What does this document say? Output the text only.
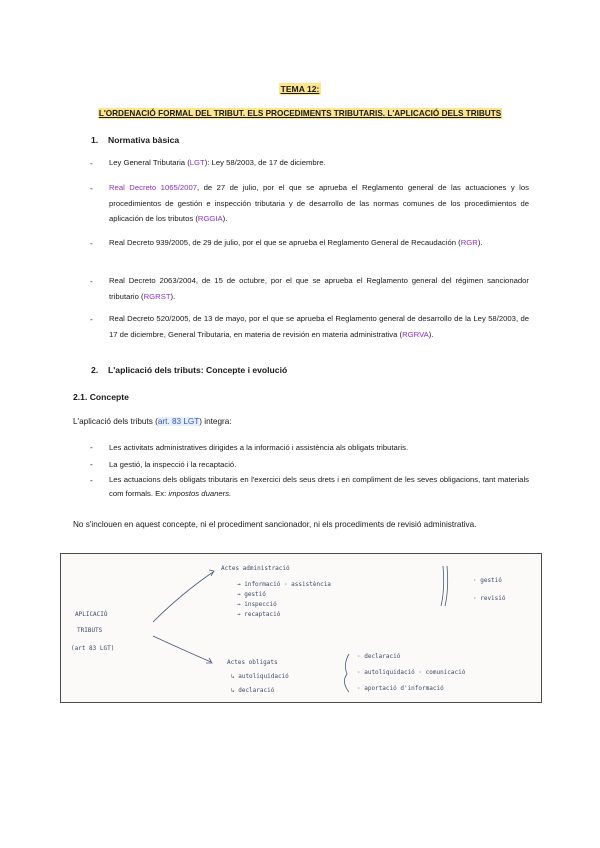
TEMA 12:
L'ORDENACIÓ FORMAL DEL TRIBUT. ELS PROCEDIMENTS TRIBUTARIS. L'APLICACIÓ DELS TRIBUTS
1. Normativa bàsica
- Ley General Tributaria (LGT): Ley 58/2003, de 17 de diciembre.
- Real Decreto 1065/2007, de 27 de julio, por el que se aprueba el Reglamento general de las actuaciones y los procedimientos de gestión e inspección tributaria y de desarrollo de las normas comunes de los procedimientos de aplicación de los tributos (RGGIA).
- Real Decreto 939/2005, de 29 de julio, por el que se aprueba el Reglamento General de Recaudación (RGR).
- Real Decreto 2063/2004, de 15 de octubre, por el que se aprueba el Reglamento general del régimen sancionador tributario (RGRST).
- Real Decreto 520/2005, de 13 de mayo, por el que se aprueba el Reglamento general de desarrollo de la Ley 58/2003, de 17 de diciembre, General Tributaria, en materia de revisión en materia administrativa (RGRVA).
2. L'aplicació dels tributs: Concepte i evolució
2.1. Concepte
L'aplicació dels tributs (art. 83 LGT) integra:
- Les activitats administratives dirigides a la informació i assistència als obligats tributaris.
- La gestió, la inspecció i la recaptació.
- Les actuacions dels obligats tributaris en l'exercici dels seus drets i en compliment de les seves obligacions, tant materials com formals. Ex: impostos duaners.
No s'inclouen en aquest concepte, ni el procediment sancionador, ni els procediments de revisió administrativa.
APLICACIÓ
TRIBUTS
(art 83 LGT)
Actes administració
→ informació · assistència
→ gestió
→ inspecció
→ recaptació
· gestió
· revisió
Actes obligats
↳ autoliquidació
↳ declaració
· declaració
· autoliquidació · comunicació
· aportació d'informació
